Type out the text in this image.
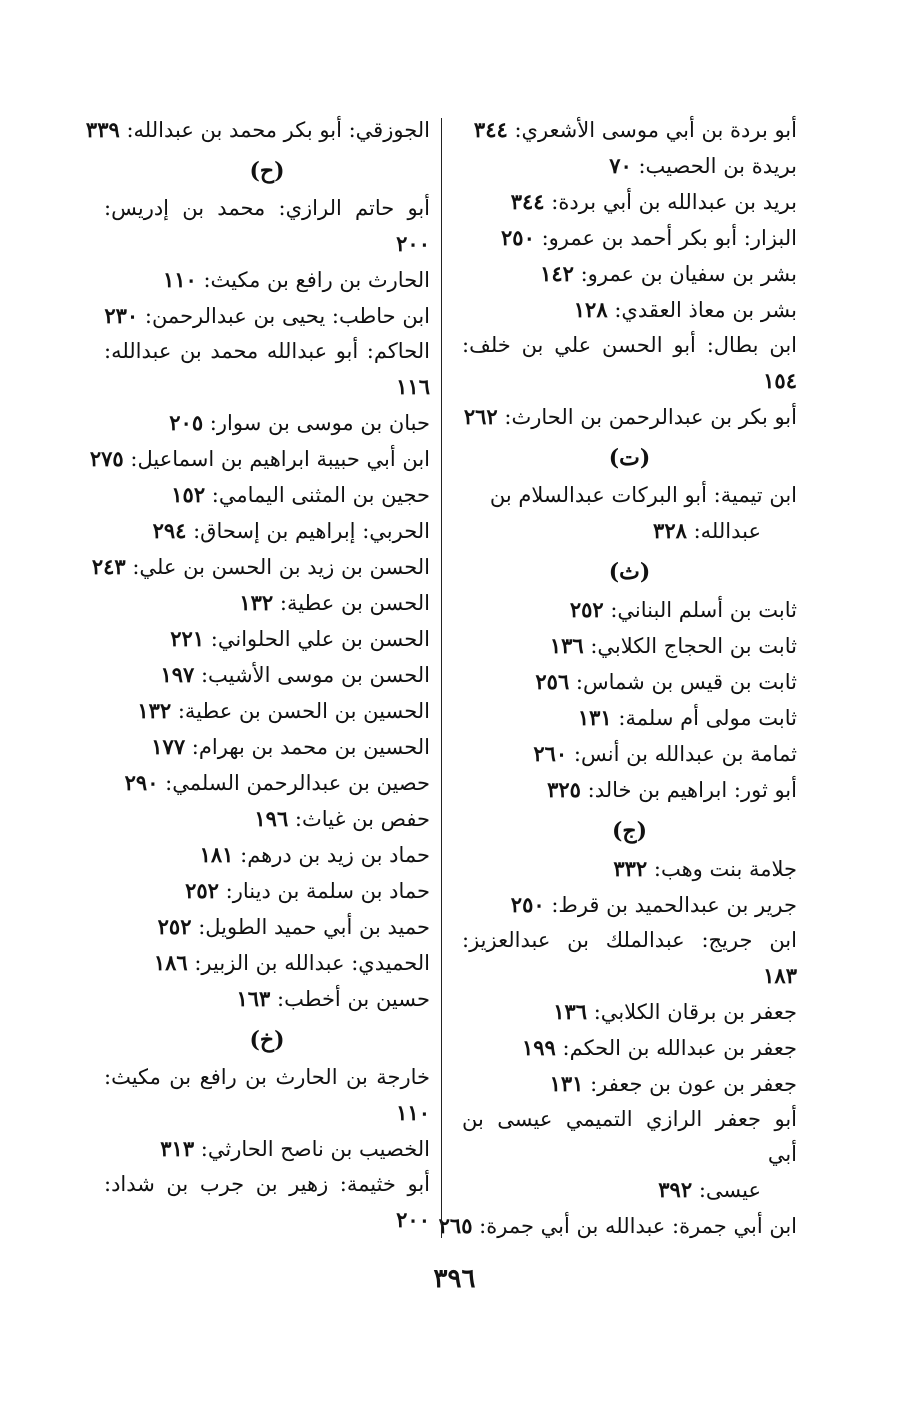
أبو بردة بن أبي موسى الأشعري: ٣٤٤
بريدة بن الحصيب: ٧٠
بريد بن عبدالله بن أبي بردة: ٣٤٤
البزار: أبو بكر أحمد بن عمرو: ٢٥٠
بشر بن سفيان بن عمرو: ١٤٢
بشر بن معاذ العقدي: ١٢٨
ابن بطال: أبو الحسن علي بن خلف: ١٥٤
أبو بكر بن عبدالرحمن بن الحارث: ٢٦٢
(ت)
ابن تيمية: أبو البركات عبدالسلام بن
عبدالله: ٣٢٨
(ث)
ثابت بن أسلم البناني: ٢٥٢
ثابت بن الحجاج الكلابي: ١٣٦
ثابت بن قيس بن شماس: ٢٥٦
ثابت مولى أم سلمة: ١٣١
ثمامة بن عبدالله بن أنس: ٢٦٠
أبو ثور: ابراهيم بن خالد: ٣٢٥
(ج)
جلامة بنت وهب: ٣٣٢
جرير بن عبدالحميد بن قرط: ٢٥٠
ابن جريج: عبدالملك بن عبدالعزيز: ١٨٣
جعفر بن برقان الكلابي: ١٣٦
جعفر بن عبدالله بن الحكم: ١٩٩
جعفر بن عون بن جعفر: ١٣١
أبو جعفر الرازي التميمي عيسى بن أبي
عيسى: ٣٩٢
ابن أبي جمرة: عبدالله بن أبي جمرة: ٢٦٥
الجوزقي: أبو بكر محمد بن عبدالله: ٣٣٩
(ح)
أبو حاتم الرازي: محمد بن إدريس: ٢٠٠
الحارث بن رافع بن مكيث: ١١٠
ابن حاطب: يحيى بن عبدالرحمن: ٢٣٠
الحاكم: أبو عبدالله محمد بن عبدالله: ١١٦
حبان بن موسى بن سوار: ٢٠٥
ابن أبي حبيبة ابراهيم بن اسماعيل: ٢٧٥
حجين بن المثنى اليمامي: ١٥٢
الحربي: إبراهيم بن إسحاق: ٢٩٤
الحسن بن زيد بن الحسن بن علي: ٢٤٣
الحسن بن عطية: ١٣٢
الحسن بن علي الحلواني: ٢٢١
الحسن بن موسى الأشيب: ١٩٧
الحسين بن الحسن بن عطية: ١٣٢
الحسين بن محمد بن بهرام: ١٧٧
حصين بن عبدالرحمن السلمي: ٢٩٠
حفص بن غياث: ١٩٦
حماد بن زيد بن درهم: ١٨١
حماد بن سلمة بن دينار: ٢٥٢
حميد بن أبي حميد الطويل: ٢٥٢
الحميدي: عبدالله بن الزبير: ١٨٦
حسين بن أخطب: ١٦٣
(خ)
خارجة بن الحارث بن رافع بن مكيث: ١١٠
الخصيب بن ناصح الحارثي: ٣١٣
أبو خثيمة: زهير بن جرب بن شداد: ٢٠٠
٣٩٦
